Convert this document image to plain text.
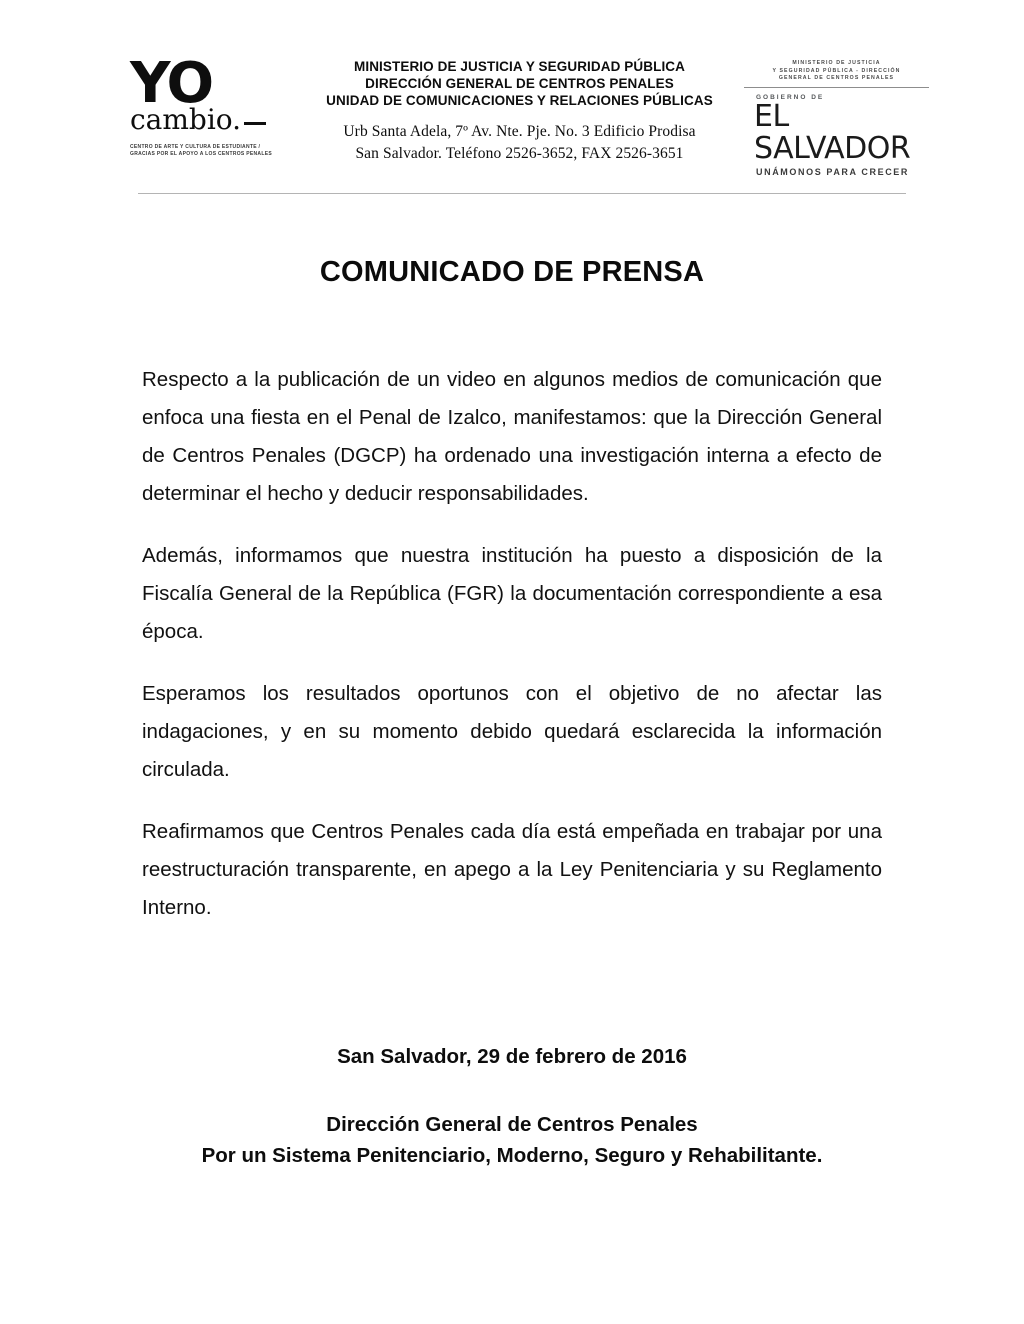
YO
cambio.
CENTRO DE ARTE Y CULTURA DE ESTUDIANTE / GRACIAS POR EL APOYO A LOS CENTROS PENALES
MINISTERIO DE JUSTICIA Y SEGURIDAD PÚBLICA
DIRECCIÓN GENERAL DE CENTROS PENALES
UNIDAD DE COMUNICACIONES Y RELACIONES PÚBLICAS
Urb Santa Adela, 7º Av. Nte. Pje. No. 3 Edificio Prodisa
San Salvador. Teléfono 2526-3652, FAX 2526-3651
MINISTERIO DE JUSTICIA
Y SEGURIDAD PÚBLICA - DIRECCIÓN
GENERAL DE CENTROS PENALES
GOBIERNO DE
EL SALVADOR
UNÁMONOS PARA CRECER
COMUNICADO DE PRENSA

Respecto a la publicación de un video en algunos medios de comunicación que enfoca una fiesta en el Penal de Izalco, manifestamos: que la Dirección General de Centros Penales (DGCP) ha ordenado una investigación interna a efecto de determinar el hecho y deducir responsabilidades.

Además, informamos que nuestra institución ha puesto a disposición de la Fiscalía General de la República (FGR) la documentación correspondiente a esa época.

Esperamos los resultados oportunos con el objetivo de no afectar las indagaciones, y en su momento debido quedará esclarecida la información circulada.

Reafirmamos que Centros Penales cada día está empeñada en trabajar por una reestructuración transparente, en apego a la Ley Penitenciaria y su Reglamento Interno.

San Salvador, 29 de febrero de 2016
Dirección General de Centros Penales
Por un Sistema Penitenciario, Moderno, Seguro y Rehabilitante.
